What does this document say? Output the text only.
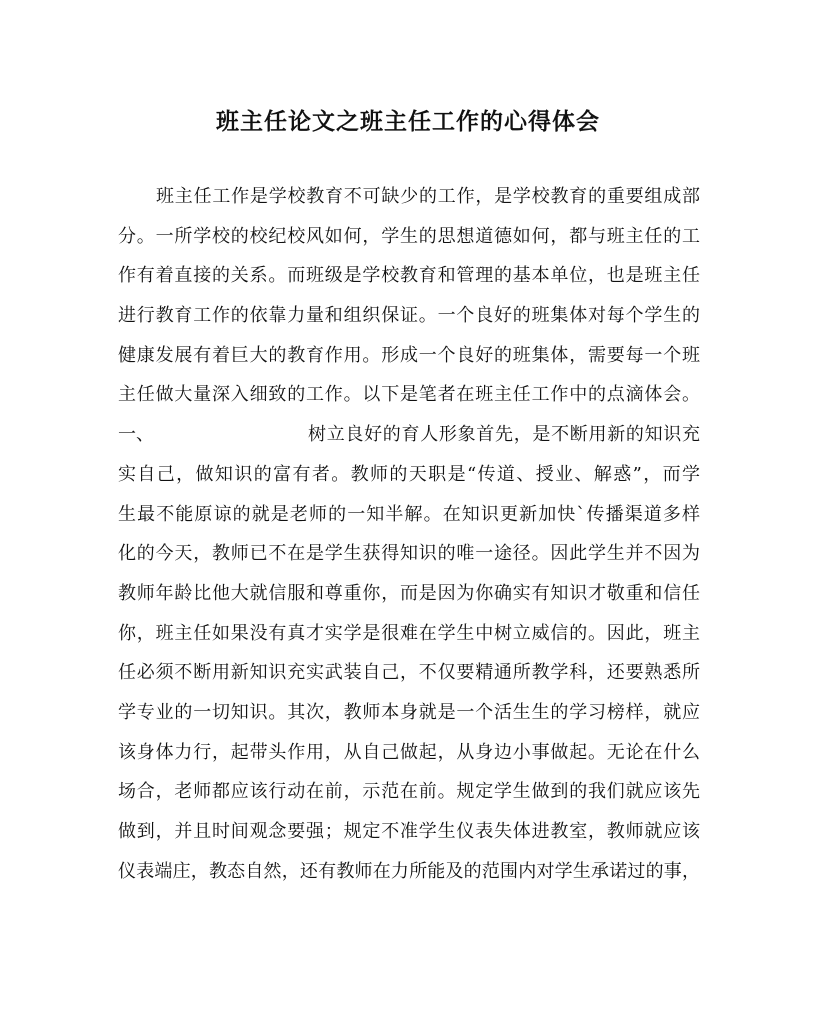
班主任论文之班主任工作的心得体会
班主任工作是学校教育不可缺少的工作，是学校教育的重要组成部
分。一所学校的校纪校风如何，学生的思想道德如何，都与班主任的工
作有着直接的关系。而班级是学校教育和管理的基本单位，也是班主任
进行教育工作的依靠力量和组织保证。一个良好的班集体对每个学生的
健康发展有着巨大的教育作用。形成一个良好的班集体，需要每一个班
主任做大量深入细致的工作。以下是笔者在班主任工作中的点滴体会。
一、	树立良好的育人形象首先，是不断用新的知识充
实自己，做知识的富有者。教师的天职是“传道、授业、解惑”，而学
生最不能原谅的就是老师的一知半解。在知识更新加快`传播渠道多样
化的今天，教师已不在是学生获得知识的唯一途径。因此学生并不因为
教师年龄比他大就信服和尊重你，而是因为你确实有知识才敬重和信任
你，班主任如果没有真才实学是很难在学生中树立威信的。因此，班主
任必须不断用新知识充实武装自己，不仅要精通所教学科，还要熟悉所
学专业的一切知识。其次，教师本身就是一个活生生的学习榜样，就应
该身体力行，起带头作用，从自己做起，从身边小事做起。无论在什么
场合，老师都应该行动在前，示范在前。规定学生做到的我们就应该先
做到，并且时间观念要强；规定不准学生仪表失体进教室，教师就应该
仪表端庄，教态自然，还有教师在力所能及的范围内对学生承诺过的事，
